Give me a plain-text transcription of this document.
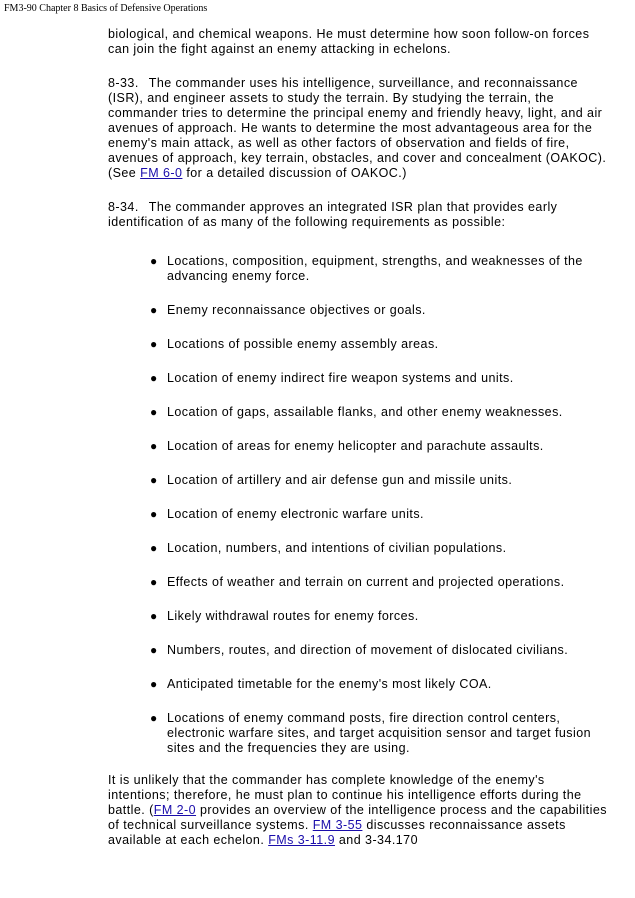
FM3-90 Chapter 8 Basics of Defensive Operations

biological, and chemical weapons. He must determine how soon follow-on forces can join the fight against an enemy attacking in echelons.

8-33. The commander uses his intelligence, surveillance, and reconnaissance (ISR), and engineer assets to study the terrain. By studying the terrain, the commander tries to determine the principal enemy and friendly heavy, light, and air avenues of approach. He wants to determine the most advantageous area for the enemy's main attack, as well as other factors of observation and fields of fire, avenues of approach, key terrain, obstacles, and cover and concealment (OAKOC). (See FM 6-0 for a detailed discussion of OAKOC.)

8-34. The commander approves an integrated ISR plan that provides early identification of as many of the following requirements as possible:

● Locations, composition, equipment, strengths, and weaknesses of the advancing enemy force.
● Enemy reconnaissance objectives or goals.
● Locations of possible enemy assembly areas.
● Location of enemy indirect fire weapon systems and units.
● Location of gaps, assailable flanks, and other enemy weaknesses.
● Location of areas for enemy helicopter and parachute assaults.
● Location of artillery and air defense gun and missile units.
● Location of enemy electronic warfare units.
● Location, numbers, and intentions of civilian populations.
● Effects of weather and terrain on current and projected operations.
● Likely withdrawal routes for enemy forces.
● Numbers, routes, and direction of movement of dislocated civilians.
● Anticipated timetable for the enemy's most likely COA.
● Locations of enemy command posts, fire direction control centers, electronic warfare sites, and target acquisition sensor and target fusion sites and the frequencies they are using.

It is unlikely that the commander has complete knowledge of the enemy's intentions; therefore, he must plan to continue his intelligence efforts during the battle. (FM 2-0 provides an overview of the intelligence process and the capabilities of technical surveillance systems. FM 3-55 discusses reconnaissance assets available at each echelon. FMs 3-11.9 and 3-34.170
